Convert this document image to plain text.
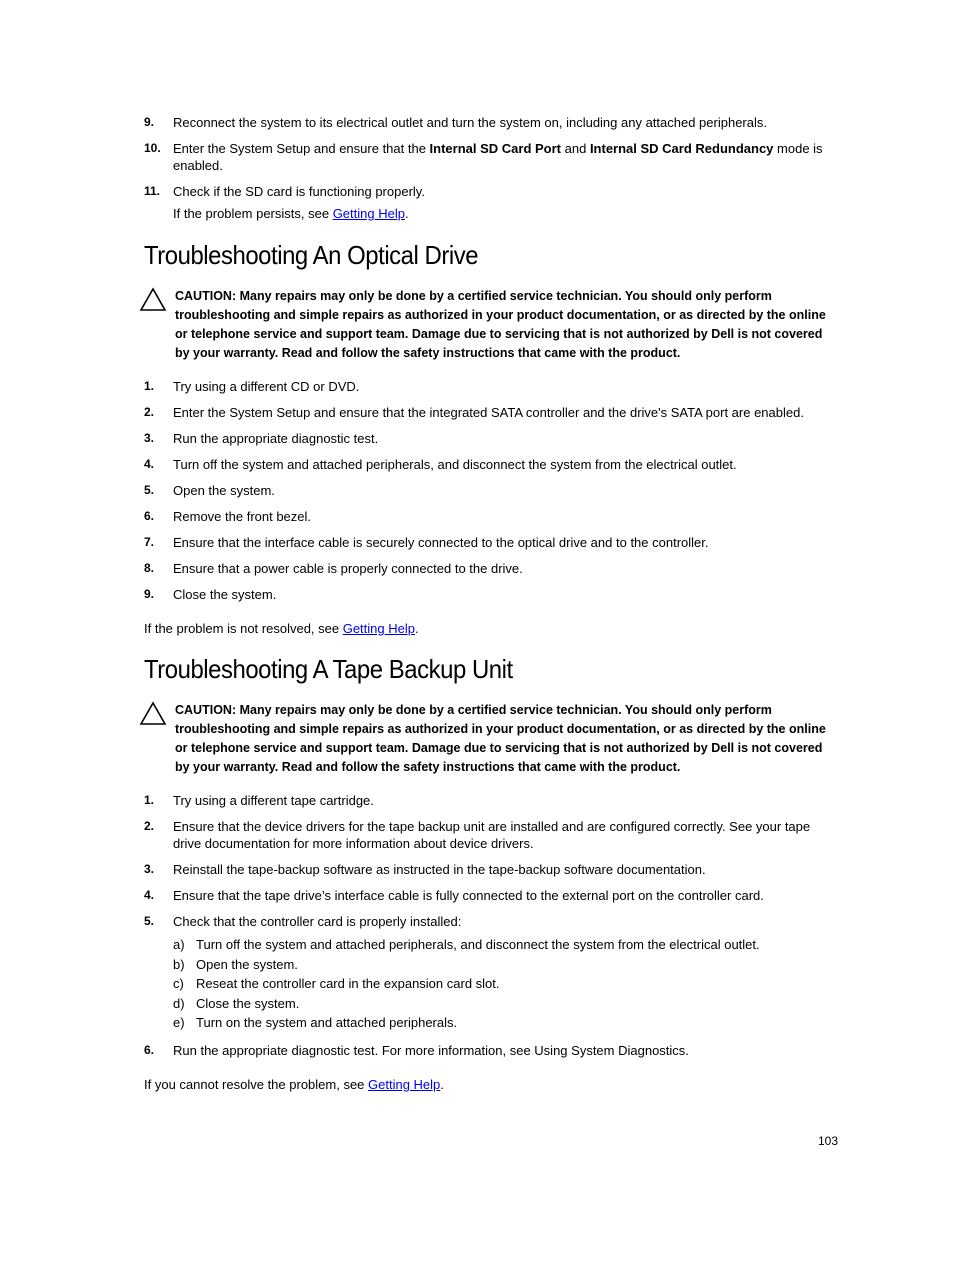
9. Reconnect the system to its electrical outlet and turn the system on, including any attached peripherals.
10. Enter the System Setup and ensure that the Internal SD Card Port and Internal SD Card Redundancy mode is enabled.
11. Check if the SD card is functioning properly.
If the problem persists, see Getting Help.
Troubleshooting An Optical Drive
CAUTION: Many repairs may only be done by a certified service technician. You should only perform troubleshooting and simple repairs as authorized in your product documentation, or as directed by the online or telephone service and support team. Damage due to servicing that is not authorized by Dell is not covered by your warranty. Read and follow the safety instructions that came with the product.
1. Try using a different CD or DVD.
2. Enter the System Setup and ensure that the integrated SATA controller and the drive's SATA port are enabled.
3. Run the appropriate diagnostic test.
4. Turn off the system and attached peripherals, and disconnect the system from the electrical outlet.
5. Open the system.
6. Remove the front bezel.
7. Ensure that the interface cable is securely connected to the optical drive and to the controller.
8. Ensure that a power cable is properly connected to the drive.
9. Close the system.
If the problem is not resolved, see Getting Help.
Troubleshooting A Tape Backup Unit
CAUTION: Many repairs may only be done by a certified service technician. You should only perform troubleshooting and simple repairs as authorized in your product documentation, or as directed by the online or telephone service and support team. Damage due to servicing that is not authorized by Dell is not covered by your warranty. Read and follow the safety instructions that came with the product.
1. Try using a different tape cartridge.
2. Ensure that the device drivers for the tape backup unit are installed and are configured correctly. See your tape drive documentation for more information about device drivers.
3. Reinstall the tape-backup software as instructed in the tape-backup software documentation.
4. Ensure that the tape drive’s interface cable is fully connected to the external port on the controller card.
5. Check that the controller card is properly installed:
a) Turn off the system and attached peripherals, and disconnect the system from the electrical outlet.
b) Open the system.
c) Reseat the controller card in the expansion card slot.
d) Close the system.
e) Turn on the system and attached peripherals.
6. Run the appropriate diagnostic test. For more information, see Using System Diagnostics.
If you cannot resolve the problem, see Getting Help.
103
